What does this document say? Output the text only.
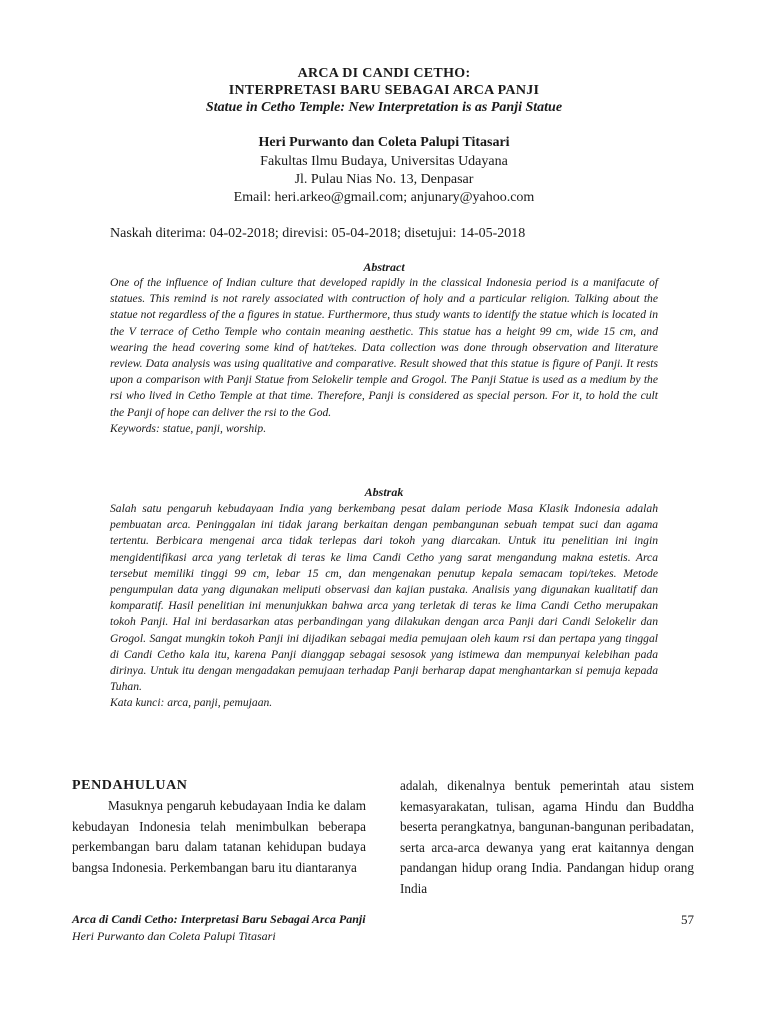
ARCA DI CANDI CETHO:
INTERPRETASI BARU SEBAGAI ARCA PANJI
Statue in Cetho Temple: New Interpretation is as Panji Statue
Heri Purwanto dan Coleta Palupi Titasari
Fakultas Ilmu Budaya, Universitas Udayana
Jl. Pulau Nias No. 13, Denpasar
Email: heri.arkeo@gmail.com; anjunary@yahoo.com
Naskah diterima: 04-02-2018; direvisi: 05-04-2018; disetujui: 14-05-2018
Abstract
One of the influence of Indian culture that developed rapidly in the classical Indonesia period is a manifacute of statues. This remind is not rarely associated with contruction of holy and a particular religion. Talking about the statue not regardless of the a figures in statue. Furthermore, thus study wants to identify the statue which is located in the V terrace of Cetho Temple who contain meaning aesthetic. This statue has a height 99 cm, wide 15 cm, and wearing the head covering some kind of hat/tekes. Data collection was done through observation and literature review. Data analysis was using qualitative and comparative. Result showed that this statue is figure of Panji. It rests upon a comparison with Panji Statue from Selokelir temple and Grogol. The Panji Statue is used as a medium by the rsi who lived in Cetho Temple at that time. Therefore, Panji is considered as special person. For it, to hold the cult the Panji of hope can deliver the rsi to the God.
Keywords: statue, panji, worship.
Abstrak
Salah satu pengaruh kebudayaan India yang berkembang pesat dalam periode Masa Klasik Indonesia adalah pembuatan arca. Peninggalan ini tidak jarang berkaitan dengan pembangunan sebuah tempat suci dan agama tertentu. Berbicara mengenai arca tidak terlepas dari tokoh yang diarcakan. Untuk itu penelitian ini ingin mengidentifikasi arca yang terletak di teras ke lima Candi Cetho yang sarat mengandung makna estetis. Arca tersebut memiliki tinggi 99 cm, lebar 15 cm, dan mengenakan penutup kepala semacam topi/tekes. Metode pengumpulan data yang digunakan meliputi observasi dan kajian pustaka. Analisis yang digunakan kualitatif dan komparatif. Hasil penelitian ini menunjukkan bahwa arca yang terletak di teras ke lima Candi Cetho merupakan tokoh Panji. Hal ini berdasarkan atas perbandingan yang dilakukan dengan arca Panji dari Candi Selokelir dan Grogol. Sangat mungkin tokoh Panji ini dijadikan sebagai media pemujaan oleh kaum rsi dan pertapa yang tinggal di Candi Cetho kala itu, karena Panji dianggap sebagai sesosok yang istimewa dan mempunyai kelebihan pada dirinya. Untuk itu dengan mengadakan pemujaan terhadap Panji berharap dapat menghantarkan si pemuja kepada Tuhan.
Kata kunci: arca, panji, pemujaan.
PENDAHULUAN
Masuknya pengaruh kebudayaan India ke dalam kebudayan Indonesia telah menimbulkan beberapa perkembangan baru dalam tatanan kehidupan budaya bangsa Indonesia. Perkembangan baru itu diantaranya
adalah, dikenalnya bentuk pemerintah atau sistem kemasyarakatan, tulisan, agama Hindu dan Buddha beserta perangkatnya, bangunan-bangunan peribadatan, serta arca-arca dewanya yang erat kaitannya dengan pandangan hidup orang India. Pandangan hidup orang India
Arca di Candi Cetho: Interpretasi Baru Sebagai Arca Panji
Heri Purwanto dan Coleta Palupi Titasari
57
